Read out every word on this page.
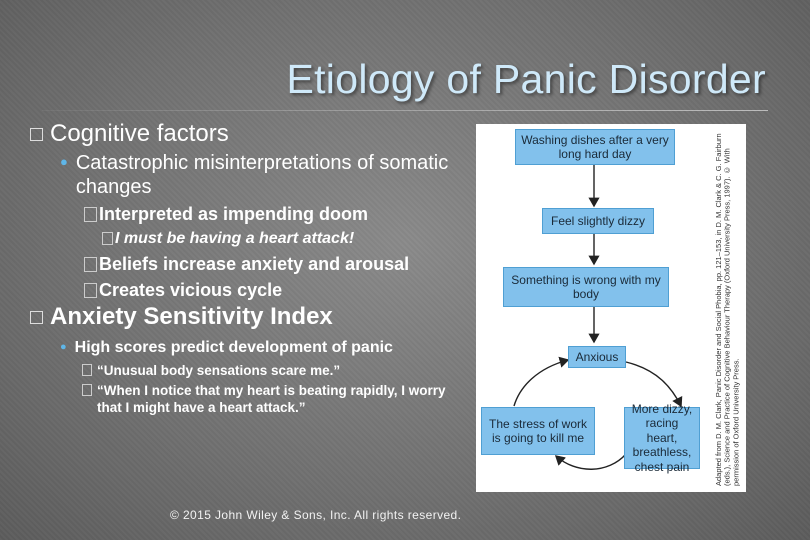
Etiology of Panic Disorder

Cognitive factors

● Catastrophic misinterpretations of somatic changes

Interpreted as impending doom

I must be having a heart attack!

Beliefs increase anxiety and arousal

Creates vicious cycle

Anxiety Sensitivity Index

● High scores predict development of panic

“Unusual body sensations scare me.”

“When I notice that my heart is beating rapidly, I worry that I might have a heart attack.”

Washing dishes after a very long hard day
Feel slightly dizzy
Something is wrong with my body
Anxious
The stress of work is going to kill me
More dizzy, racing heart, breathless, chest pain	Adapted from D. M. Clark, Panic Disorder and Social Phobia, pp. 121–153, in D. M. Clark & C. G. Fairburn (eds.), Science and Practice of Cognitive Behaviour Therapy (Oxford University Press, 1997). © With permission of Oxford University Press.
© 2015 John Wiley & Sons, Inc. All rights reserved.
